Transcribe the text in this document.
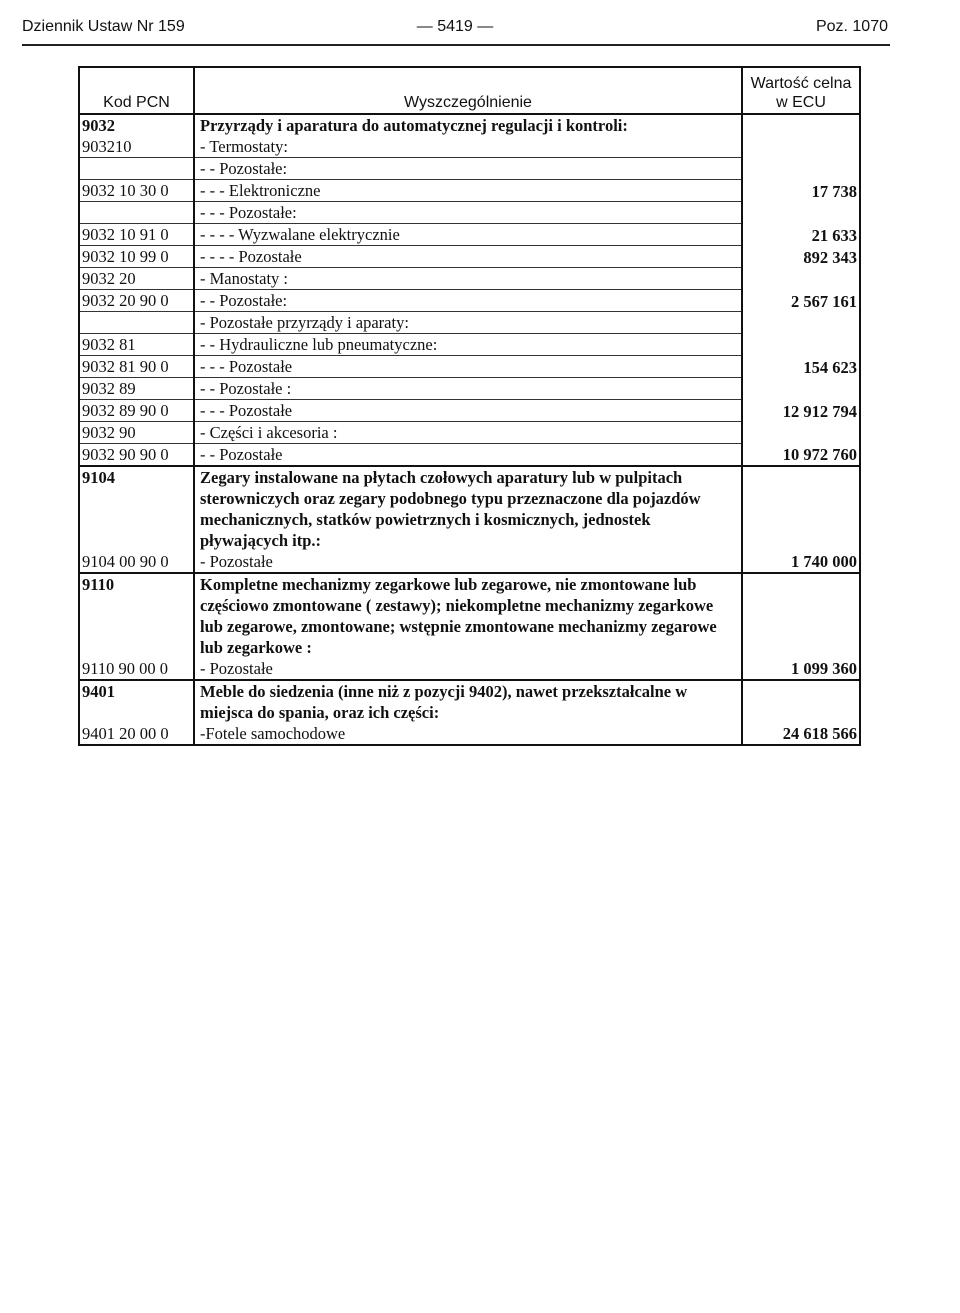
Dziennik Ustaw Nr 159	— 5419 —	Poz. 1070
Kod PCN	Wyszczególnienie	Wartość celna w ECU
9032	Przyrządy i aparatura do automatycznej regulacji i kontroli:	
903210	- Termostaty:	
	- - Pozostałe:	
9032 10 30 0	- - - Elektroniczne	17 738
	- - - Pozostałe:	
9032 10 91 0	- - - - Wyzwalane elektrycznie	21 633
9032 10 99 0	- - - - Pozostałe	892 343
9032 20	- Manostaty :	
9032 20 90 0	- - Pozostałe:	2 567 161
	- Pozostałe przyrządy i aparaty:	
9032 81	- - Hydrauliczne lub pneumatyczne:	
9032 81 90 0	- - - Pozostałe	154 623
9032 89	- - Pozostałe :	
9032 89 90 0	- - - Pozostałe	12 912 794
9032 90	- Części i akcesoria :	
9032 90 90 0	- - Pozostałe	10 972 760
9104	Zegary instalowane na płytach czołowych aparatury lub w pulpitach sterowniczych oraz zegary podobnego typu przeznaczone dla pojazdów mechanicznych, statków powietrznych i kosmicznych, jednostek pływających itp.:	
9104 00 90 0	- Pozostałe	1 740 000
9110	Kompletne mechanizmy zegarkowe lub zegarowe, nie zmontowane lub częściowo zmontowane ( zestawy); niekompletne mechanizmy zegarkowe lub zegarowe, zmontowane; wstępnie zmontowane mechanizmy zegarowe lub zegarkowe :	
9110 90 00 0	- Pozostałe	1 099 360
9401	Meble do siedzenia (inne niż z pozycji 9402), nawet przekształcalne w miejsca do spania, oraz ich części:	
9401 20 00 0	-Fotele samochodowe	24 618 566
